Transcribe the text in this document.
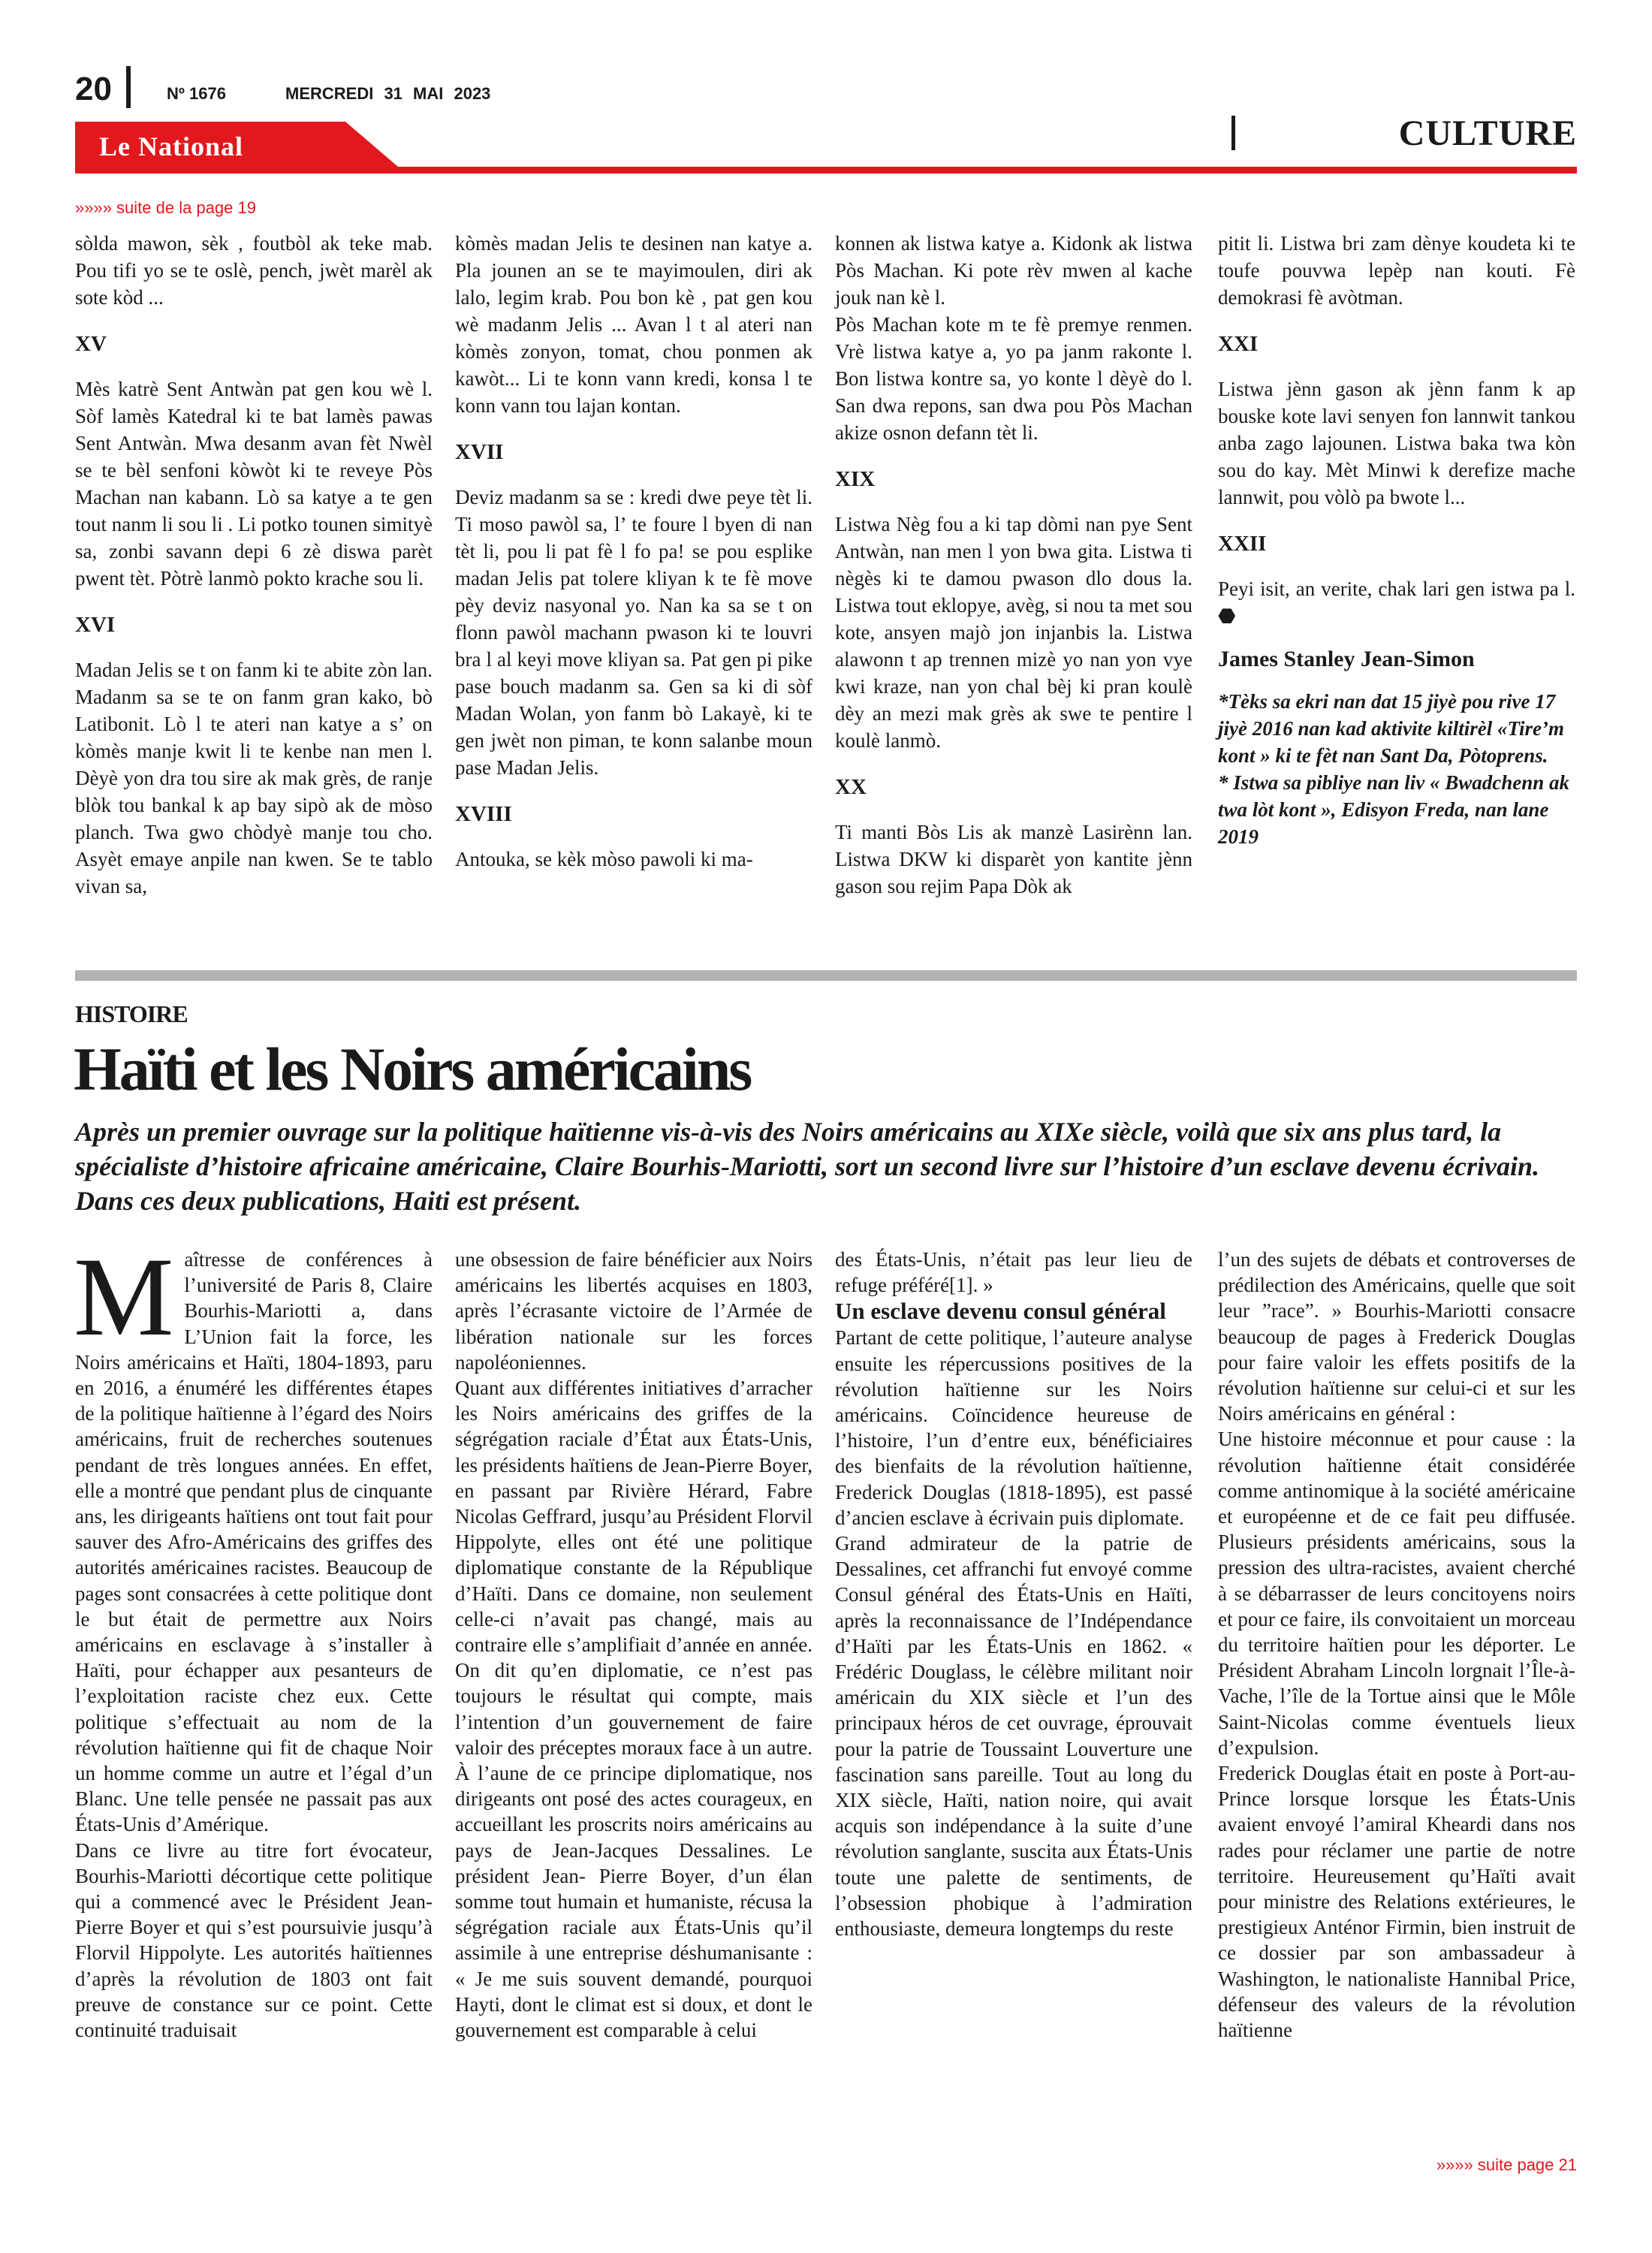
20	Nº 1676	MERCREDI 31 MAI 2023
Le National	CULTURE
»»»» suite de la page 19

sòlda mawon, sèk , foutbòl ak teke mab. Pou tifi yo se te oslè, pench, jwèt marèl ak sote kòd ...

XV

Mès katrè Sent Antwàn pat gen kou wè l. Sòf lamès Katedral ki te bat lamès pawas Sent Antwàn. Mwa desanm avan fèt Nwèl se te bèl senfoni kòwòt ki te reveye Pòs Machan nan kabann. Lò sa katye a te gen tout nanm li sou li . Li potko tounen simityè sa, zonbi savann depi 6 zè diswa parèt pwent tèt. Pòtrè lanmò pokto krache sou li.

XVI

Madan Jelis se t on fanm ki te abite zòn lan. Madanm sa se te on fanm gran kako, bò Latibonit. Lò l te ateri nan katye a s’ on kòmès manje kwit li te kenbe nan men l. Dèyè yon dra tou sire ak mak grès, de ranje blòk tou bankal k ap bay sipò ak de mòso planch. Twa gwo chòdyè manje tou cho. Asyèt emaye anpile nan kwen. Se te tablo vivan sa,

kòmès madan Jelis te desinen nan katye a. Pla jounen an se te mayimoulen, diri ak lalo, legim krab. Pou bon kè , pat gen kou wè madanm Jelis ... Avan l t al ateri nan kòmès zonyon, tomat, chou ponmen ak kawòt... Li te konn vann kredi, konsa l te konn vann tou lajan kontan.

XVII

Deviz madanm sa se : kredi dwe peye tèt li. Ti moso pawòl sa, l’ te foure l byen di nan tèt li, pou li pat fè l fo pa! se pou esplike madan Jelis pat tolere kliyan k te fè move pèy deviz nasyonal yo. Nan ka sa se t on flonn pawòl machann pwason ki te louvri bra l al keyi move kliyan sa. Pat gen pi pike pase bouch madanm sa. Gen sa ki di sòf Madan Wolan, yon fanm bò Lakayè, ki te gen jwèt non piman, te konn salanbe moun pase Madan Jelis.

XVIII

Antouka, se kèk mòso pawoli ki ma-

konnen ak listwa katye a. Kidonk ak listwa Pòs Machan. Ki pote rèv mwen al kache jouk nan kè l.

Pòs Machan kote m te fè premye renmen. Vrè listwa katye a, yo pa janm rakonte l. Bon listwa kontre sa, yo konte l dèyè do l. San dwa repons, san dwa pou Pòs Machan akize osnon defann tèt li.

XIX

Listwa Nèg fou a ki tap dòmi nan pye Sent Antwàn, nan men l yon bwa gita. Listwa ti nègès ki te damou pwason dlo dous la. Listwa tout eklopye, avèg, si nou ta met sou kote, ansyen majò jon injanbis la. Listwa alawonn t ap trennen mizè yo nan yon vye kwi kraze, nan yon chal bèj ki pran koulè dèy an mezi mak grès ak swe te pentire l koulè lanmò.

XX

Ti manti Bòs Lis ak manzè Lasirènn lan. Listwa DKW ki disparèt yon kantite jènn gason sou rejim Papa Dòk ak

pitit li. Listwa bri zam dènye koudeta ki te toufe pouvwa lepèp nan kouti. Fè demokrasi fè avòtman.

XXI

Listwa jènn gason ak jènn fanm k ap bouske kote lavi senyen fon lannwit tankou anba zago lajounen. Listwa baka twa kòn sou do kay. Mèt Minwi k derefize mache lannwit, pou vòlò pa bwote l...

XXII

Peyi isit, an verite, chak lari gen istwa pa l. ⬣

James Stanley Jean-Simon

*Tèks sa ekri nan dat 15 jiyè pou rive 17 jiyè 2016 nan kad aktivite kiltirèl «Tire’m kont » ki te fèt nan Sant Da, Pòtoprens.

* Istwa sa pibliye nan liv « Bwadchenn ak twa lòt kont », Edisyon Freda, nan lane 2019

HISTOIRE
Haïti et les Noirs américains
Après un premier ouvrage sur la politique haïtienne vis-à-vis des Noirs américains au XIXe siècle, voilà que six ans plus tard, la spécialiste d’histoire africaine américaine, Claire Bourhis-Mariotti, sort un second livre sur l’histoire d’un esclave devenu écrivain. Dans ces deux publications, Haiti est présent.

Maîtresse de conférences à l’université de Paris 8, Claire Bourhis-Mariotti a, dans L’Union fait la force, les Noirs américains et Haïti, 1804-1893, paru en 2016, a énuméré les différentes étapes de la politique haïtienne à l’égard des Noirs américains, fruit de recherches soutenues pendant de très longues années. En effet, elle a montré que pendant plus de cinquante ans, les dirigeants haïtiens ont tout fait pour sauver des Afro-Américains des griffes des autorités américaines racistes. Beaucoup de pages sont consacrées à cette politique dont le but était de permettre aux Noirs américains en esclavage à s’installer à Haïti, pour échapper aux pesanteurs de l’exploitation raciste chez eux. Cette politique s’effectuait au nom de la révolution haïtienne qui fit de chaque Noir un homme comme un autre et l’égal d’un Blanc. Une telle pensée ne passait pas aux États-Unis d’Amérique.

Dans ce livre au titre fort évocateur, Bourhis-Mariotti décortique cette politique qui a commencé avec le Président Jean-Pierre Boyer et qui s’est poursuivie jusqu’à Florvil Hippolyte. Les autorités haïtiennes d’après la révolution de 1803 ont fait preuve de constance sur ce point. Cette continuité traduisait

une obsession de faire bénéficier aux Noirs américains les libertés acquises en 1803, après l’écrasante victoire de l’Armée de libération nationale sur les forces napoléoniennes.

Quant aux différentes initiatives d’arracher les Noirs américains des griffes de la ségrégation raciale d’État aux États-Unis, les présidents haïtiens de Jean-Pierre Boyer, en passant par Rivière Hérard, Fabre Nicolas Geffrard, jusqu’au Président Florvil Hippolyte, elles ont été une politique diplomatique constante de la République d’Haïti. Dans ce domaine, non seulement celle-ci n’avait pas changé, mais au contraire elle s’amplifiait d’année en année. On dit qu’en diplomatie, ce n’est pas toujours le résultat qui compte, mais l’intention d’un gouvernement de faire valoir des préceptes moraux face à un autre. À l’aune de ce principe diplomatique, nos dirigeants ont posé des actes courageux, en accueillant les proscrits noirs américains au pays de Jean-Jacques Dessalines. Le président Jean- Pierre Boyer, d’un élan somme tout humain et humaniste, récusa la ségrégation raciale aux États-Unis qu’il assimile à une entreprise déshumanisante : « Je me suis souvent demandé, pourquoi Hayti, dont le climat est si doux, et dont le gouvernement est comparable à celui

des États-Unis, n’était pas leur lieu de refuge préféré[1]. »

Un esclave devenu consul général

Partant de cette politique, l’auteure analyse ensuite les répercussions positives de la révolution haïtienne sur les Noirs américains. Coïncidence heureuse de l’histoire, l’un d’entre eux, bénéficiaires des bienfaits de la révolution haïtienne, Frederick Douglas (1818-1895), est passé d’ancien esclave à écrivain puis diplomate.

Grand admirateur de la patrie de Dessalines, cet affranchi fut envoyé comme Consul général des États-Unis en Haïti, après la reconnaissance de l’Indépendance d’Haïti par les États-Unis en 1862. « Frédéric Douglass, le célèbre militant noir américain du XIX siècle et l’un des principaux héros de cet ouvrage, éprouvait pour la patrie de Toussaint Louverture une fascination sans pareille. Tout au long du XIX siècle, Haïti, nation noire, qui avait acquis son indépendance à la suite d’une révolution sanglante, suscita aux États-Unis toute une palette de sentiments, de l’obsession phobique à l’admiration enthousiaste, demeura longtemps du reste

l’un des sujets de débats et controverses de prédilection des Américains, quelle que soit leur ”race”. » Bourhis-Mariotti consacre beaucoup de pages à Frederick Douglas pour faire valoir les effets positifs de la révolution haïtienne sur celui-ci et sur les Noirs américains en général :

Une histoire méconnue et pour cause : la révolution haïtienne était considérée comme antinomique à la société américaine et européenne et de ce fait peu diffusée. Plusieurs présidents américains, sous la pression des ultra-racistes, avaient cherché à se débarrasser de leurs concitoyens noirs et pour ce faire, ils convoitaient un morceau du territoire haïtien pour les déporter. Le Président Abraham Lincoln lorgnait l’Île-à-Vache, l’île de la Tortue ainsi que le Môle Saint-Nicolas comme éventuels lieux d’expulsion.

Frederick Douglas était en poste à Port-au-Prince lorsque lorsque les États-Unis avaient envoyé l’amiral Kheardi dans nos rades pour réclamer une partie de notre territoire. Heureusement qu’Haïti avait pour ministre des Relations extérieures, le prestigieux Anténor Firmin, bien instruit de ce dossier par son ambassadeur à Washington, le nationaliste Hannibal Price, défenseur des valeurs de la révolution haïtienne

»»»» suite page 21
